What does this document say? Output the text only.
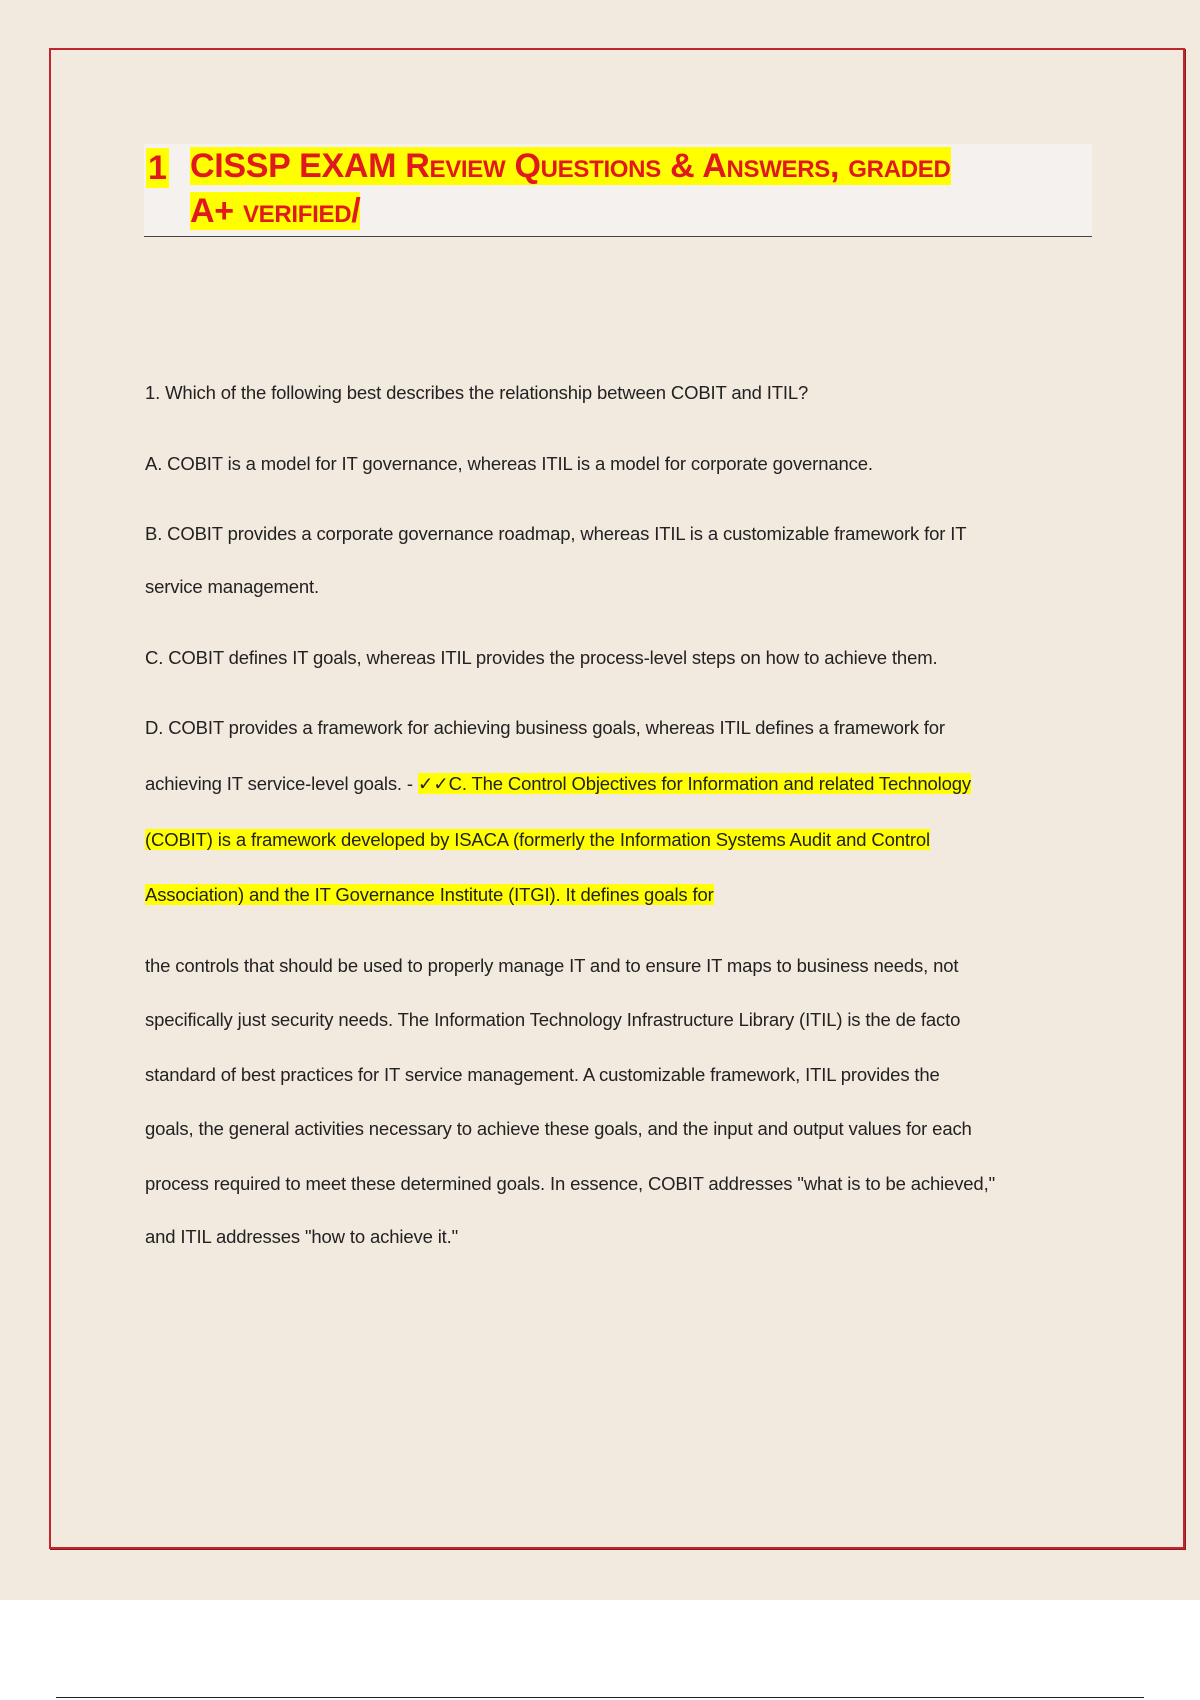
1 CISSP EXAM Review Questions & Answers, graded
A+ verified/
1. Which of the following best describes the relationship between COBIT and ITIL?
A. COBIT is a model for IT governance, whereas ITIL is a model for corporate governance.
B. COBIT provides a corporate governance roadmap, whereas ITIL is a customizable framework for IT
service management.
C. COBIT defines IT goals, whereas ITIL provides the process-level steps on how to achieve them.
D. COBIT provides a framework for achieving business goals, whereas ITIL defines a framework for
achieving IT service-level goals. - ✓✓C. The Control Objectives for Information and related Technology
(COBIT) is a framework developed by ISACA (formerly the Information Systems Audit and Control
Association) and the IT Governance Institute (ITGI). It defines goals for
the controls that should be used to properly manage IT and to ensure IT maps to business needs, not
specifically just security needs. The Information Technology Infrastructure Library (ITIL) is the de facto
standard of best practices for IT service management. A customizable framework, ITIL provides the
goals, the general activities necessary to achieve these goals, and the input and output values for each
process required to meet these determined goals. In essence, COBIT addresses "what is to be achieved,"
and ITIL addresses "how to achieve it."
